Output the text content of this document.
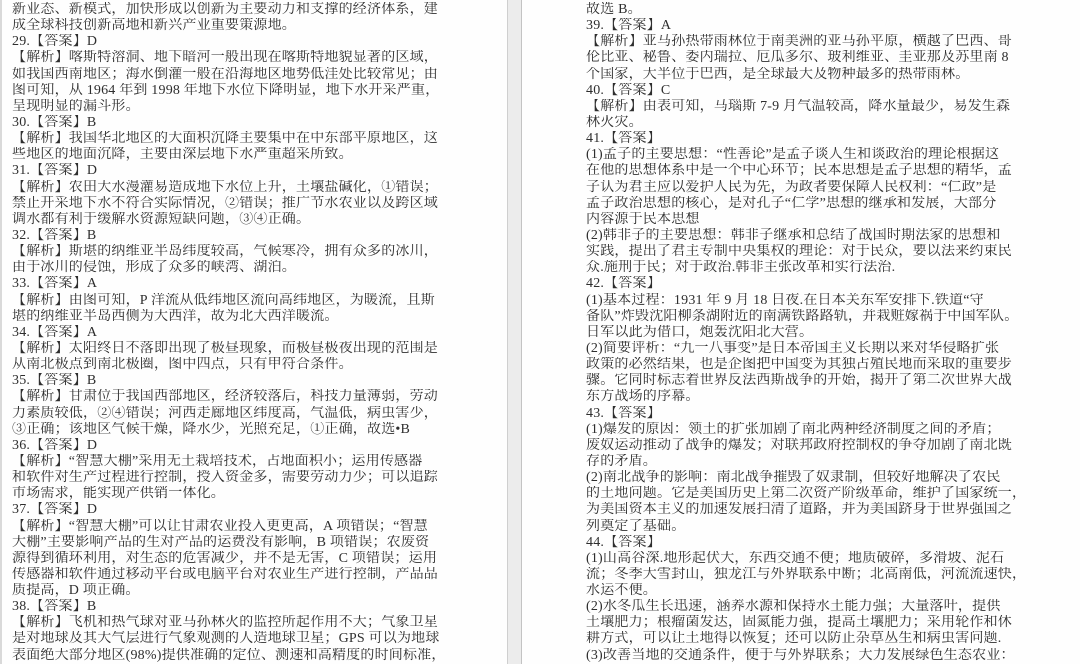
新业态、新模式，加快形成以创新为主要动力和支撑的经济体系，建
成全球科技创新高地和新兴产业重要策源地。
29.【答案】D
【解析】喀斯特溶洞、地下暗河一般出现在喀斯特地貌显著的区域，
如我国西南地区；海水倒灌一般在沿海地区地势低洼处比较常见；由
图可知，从 1964 年到 1998 年地下水位下降明显，地下水开采严重，
呈现明显的漏斗形。
30.【答案】B
【解析】我国华北地区的大面积沉降主要集中在中东部平原地区，这
些地区的地面沉降，主要由深层地下水严重超采所致。
31.【答案】D
【解析】农田大水漫灌易造成地下水位上升，土壤盐碱化，①错误；
禁止开采地下水不符合实际情况，②错误；推广节水农业以及跨区域
调水都有利于缓解水资源短缺问题，③④正确。
32.【答案】B
【解析】斯堪的纳维亚半岛纬度较高，气候寒冷，拥有众多的冰川，
由于冰川的侵蚀，形成了众多的峡湾、湖泊。
33.【答案】A
【解析】由图可知，P 洋流从低纬地区流向高纬地区，为暖流，且斯
堪的纳维亚半岛西侧为大西洋，故为北大西洋暖流。
34.【答案】A
【解析】太阳终日不落即出现了极昼现象，而极昼极夜出现的范围是
从南北极点到南北极圈，图中四点，只有甲符合条件。
35.【答案】B
【解析】甘肃位于我国西部地区，经济较落后，科技力量薄弱，劳动
力素质较低，②④错误；河西走廊地区纬度高，气温低，病虫害少，
③正确；该地区气候干燥，降水少，光照充足，①正确，故选•B
36.【答案】D
【解析】“智慧大棚”采用无土栽培技术，占地面积小；运用传感器
和软件对生产过程进行控制，授入资金多，需要劳动力少；可以追踪
市场需求，能实现产供销一体化。
37.【答案】D
【解析】“智慧大棚”可以让甘肃农业投入更更高，A 项错误；“智慧
大棚”主要影响产品的生对产品的运费没有影响，B 项错误；农废资
源得到循环利用，对生态的危害减少，并不是无害，C 项错误；运用
传感器和软件通过移动平台或电脑平台对农业生产进行控制，产品品
质提高，D 项正确。
38.【答案】B
【解析】飞机和热气球对亚马孙林火的监控所起作用不大；气象卫星
是对地球及其大气层进行气象观测的人造地球卫星；GPS 可以为地球
表面绝大部分地区(98%)提供准确的定位、测速和高精度的时间标准，
故选 B。
39.【答案】A
【解析】亚马孙热带雨林位于南美洲的亚马孙平原，横越了巴西、哥
伦比亚、秘鲁、委内瑞拉、厄瓜多尔、玻利维亚、圭亚那及苏里南 8
个国家，大半位于巴西，是全球最大及物种最多的热带雨林。
40.【答案】C
【解析】由表可知，马瑙斯 7-9 月气温较高，降水量最少，易发生森
林火灾。
41.【答案】
(1)孟子的主要思想：“性善论”是孟子谈人生和谈政治的理论根据这
在他的思想体系中是一个中心环节；民本思想是孟子思想的精华，孟
子认为君主应以爱护人民为先，为政者要保障人民权利：“仁政”是
孟子政治思想的核心，是对孔子“仁学”思想的继承和发展，大部分
内容源于民本思想
(2)韩非子的主要思想：韩非子继承和总结了战国时期法家的思想和
实践，提出了君主专制中央集权的理论：对于民众，要以法来约束民
众.施刑于民；对于政治.韩非主张改革和实行法治.
42.【答案】
(1)基本过程：1931 年 9 月 18 日夜.在日本关东军安排下.铁道“守
备队”炸毁沈阳柳条湖附近的南满铁路路轨，并栽赃嫁祸于中国军队。
日军以此为借口，炮轰沈阳北大营。
(2)简要评析：“九一八事变”是日本帝国主义长期以来对华侵略扩张
政策的必然结果，也是企图把中国变为其独占殖民地而采取的重要步
骤。它同时标志着世界反法西斯战争的开始，揭开了第二次世界大战
东方战场的序幕。
43.【答案】
(1)爆发的原因：领土的扩张加剧了南北两种经济制度之间的矛盾；
废奴运动推动了战争的爆发；对联邦政府控制权的争夺加剧了南北既
存的矛盾。
(2)南北战争的影响：南北战争摧毁了奴隶制，但较好地解决了农民
的土地问题。它是美国历史上第二次资产阶级革命，维护了国家统一，
为美国资本主义的加速发展扫清了道路，并为美国跻身于世界强国之
列奠定了基础。
44.【答案】
(1)山高谷深.地形起伏大，东西交通不便；地质破碎，多滑坡、泥石
流；冬季大雪封山，独龙江与外界联系中断；北高南低，河流流速快，
水运不便。
(2)水冬瓜生长迅速，涵养水源和保持水土能力强；大量落叶，提供
土壤肥力；根瘤菌发达，固氮能力强，提高土壤肥力；采用轮作和休
耕方式，可以让土地得以恢复；还可以防止杂草丛生和病虫害问题.
(3)改善当地的交通条件，便于与外界联系；大力发展绿色生态农业：
